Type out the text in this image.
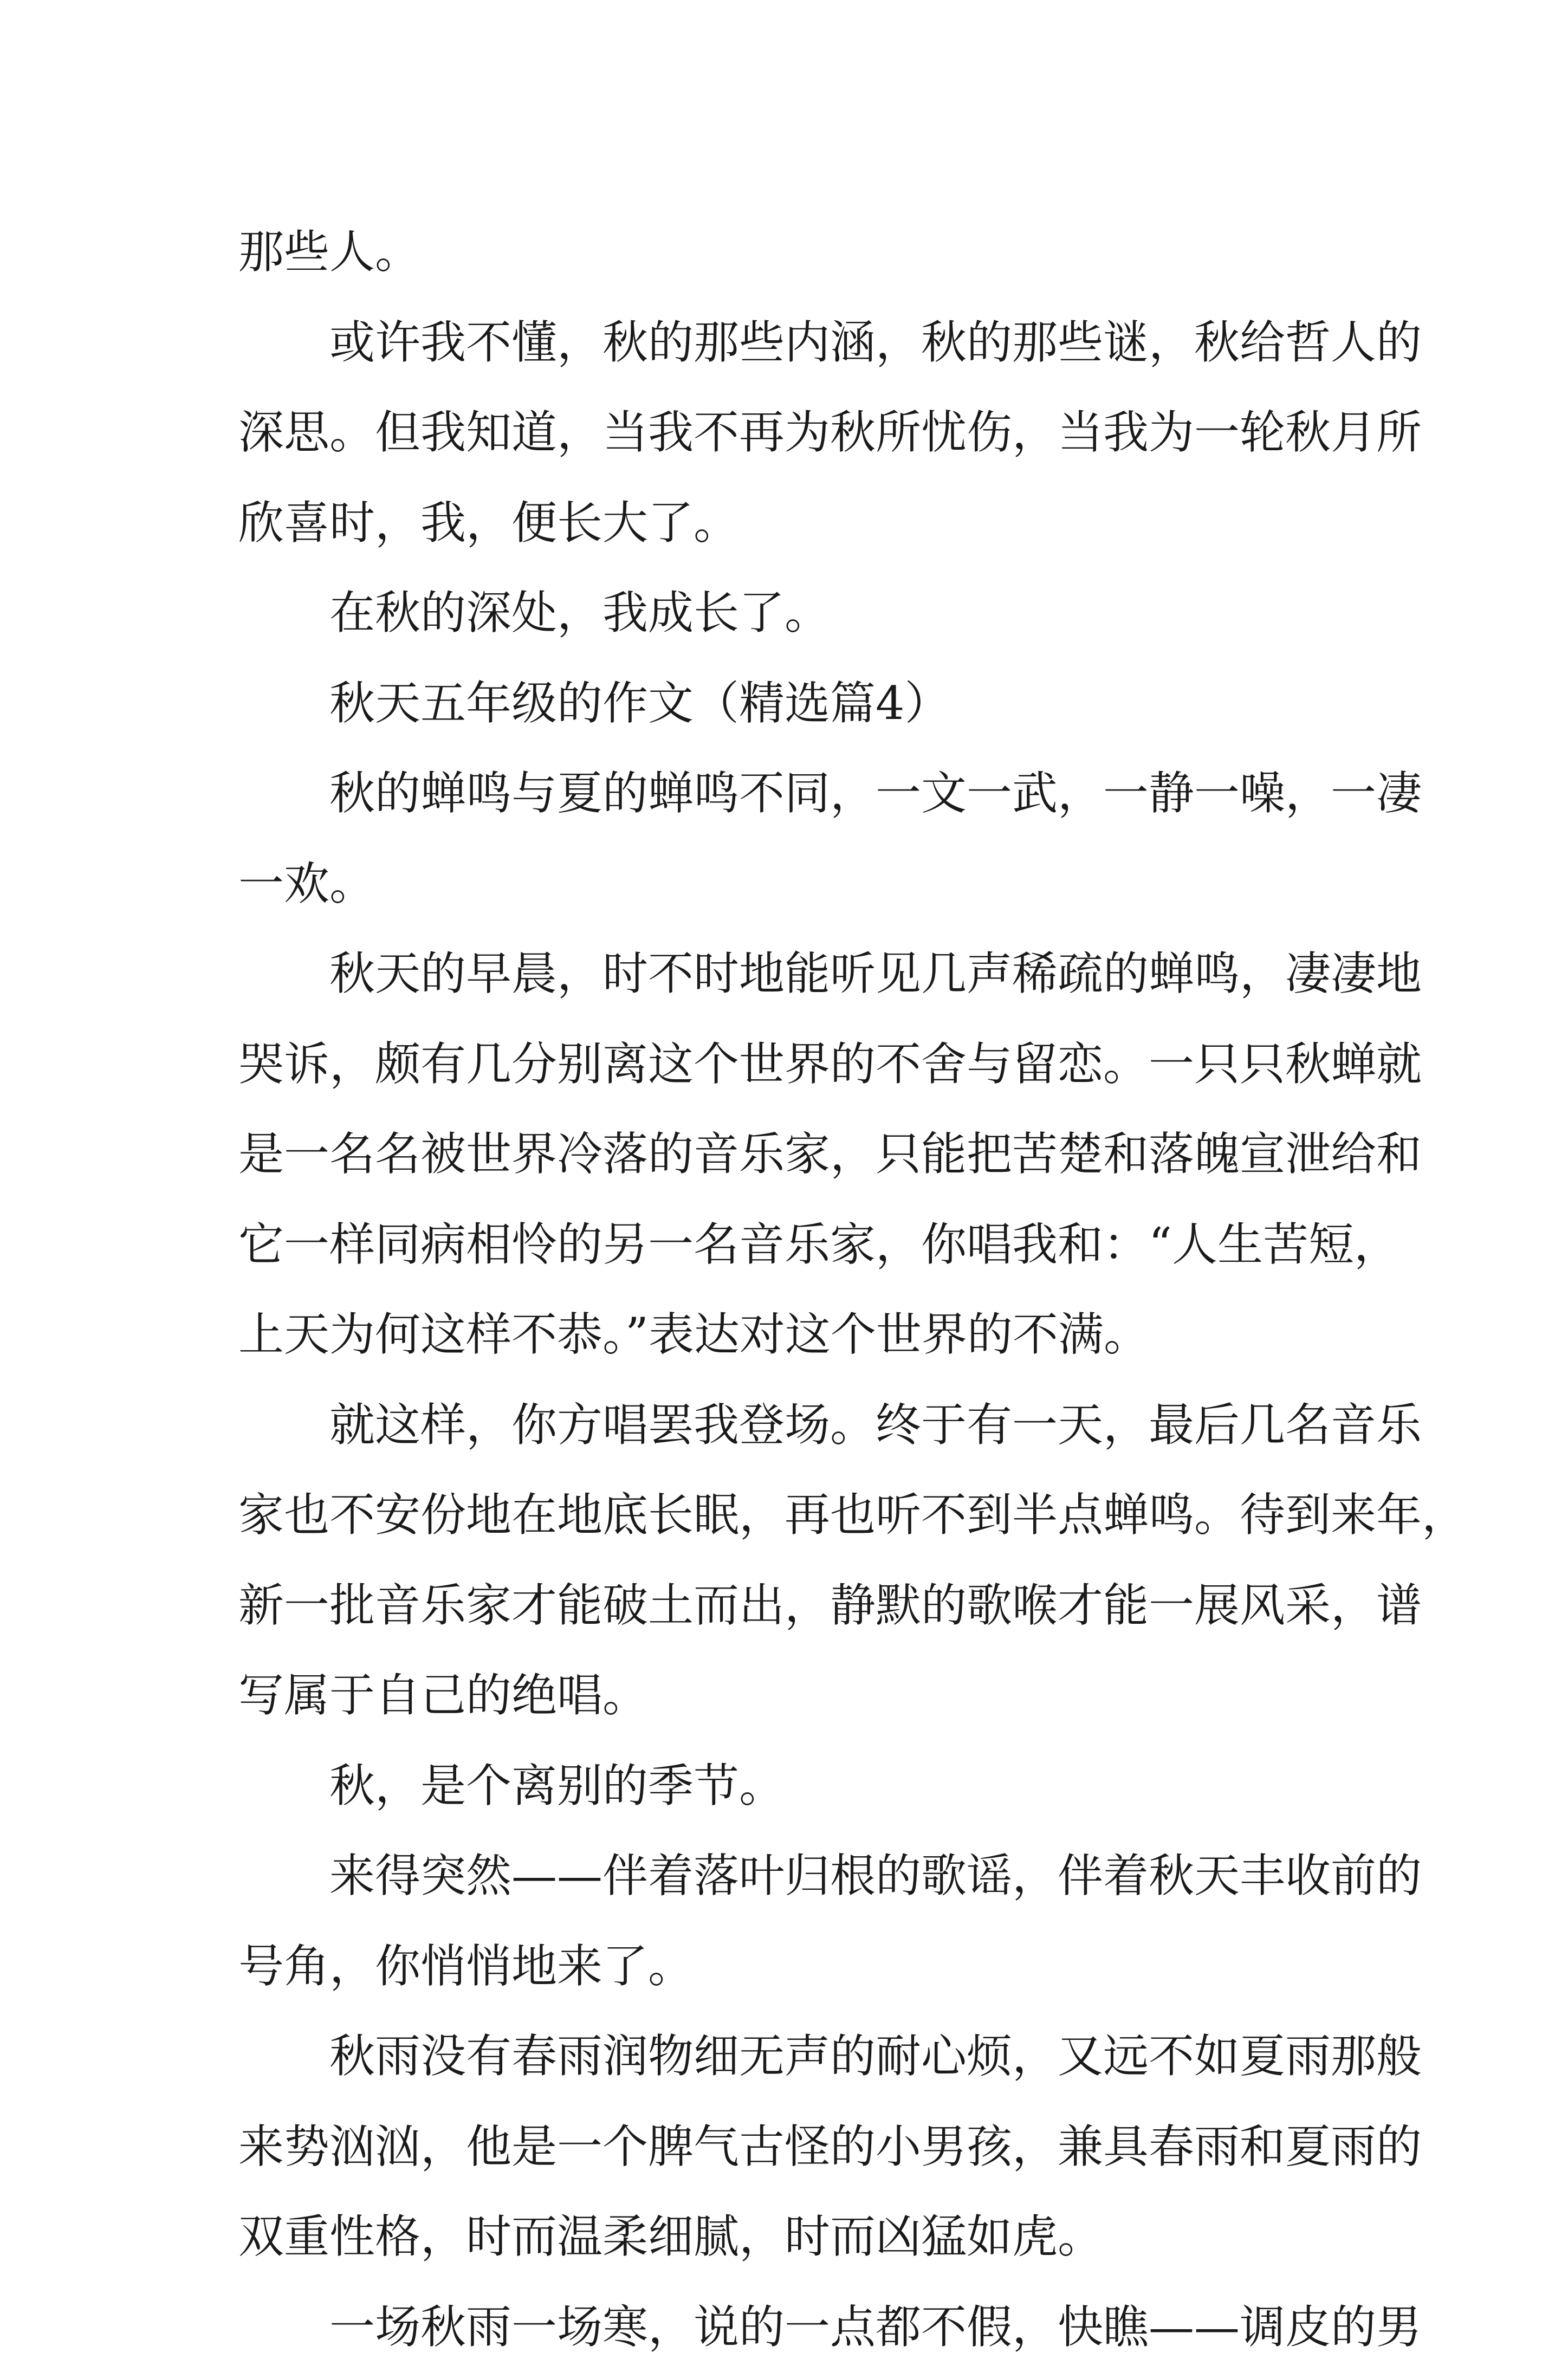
那些人。
或许我不懂，秋的那些内涵，秋的那些谜，秋给哲人的
深思。但我知道，当我不再为秋所忧伤，当我为一轮秋月所
欣喜时，我，便长大了。
在秋的深处，我成长了。
秋天五年级的作文（精选篇4）
秋的蝉鸣与夏的蝉鸣不同，一文一武，一静一噪，一凄
一欢。
秋天的早晨，时不时地能听见几声稀疏的蝉鸣，凄凄地
哭诉，颇有几分别离这个世界的不舍与留恋。一只只秋蝉就
是一名名被世界冷落的音乐家，只能把苦楚和落魄宣泄给和
它一样同病相怜的另一名音乐家，你唱我和：“人生苦短，
上天为何这样不恭。”表达对这个世界的不满。
就这样，你方唱罢我登场。终于有一天，最后几名音乐
家也不安份地在地底长眠，再也听不到半点蝉鸣。待到来年，
新一批音乐家才能破土而出，静默的歌喉才能一展风采，谱
写属于自己的绝唱。
秋，是个离别的季节。
来得突然——伴着落叶归根的歌谣，伴着秋天丰收前的
号角，你悄悄地来了。
秋雨没有春雨润物细无声的耐心烦，又远不如夏雨那般
来势汹汹，他是一个脾气古怪的小男孩，兼具春雨和夏雨的
双重性格，时而温柔细腻，时而凶猛如虎。
一场秋雨一场寒，说的一点都不假，快瞧——调皮的男
